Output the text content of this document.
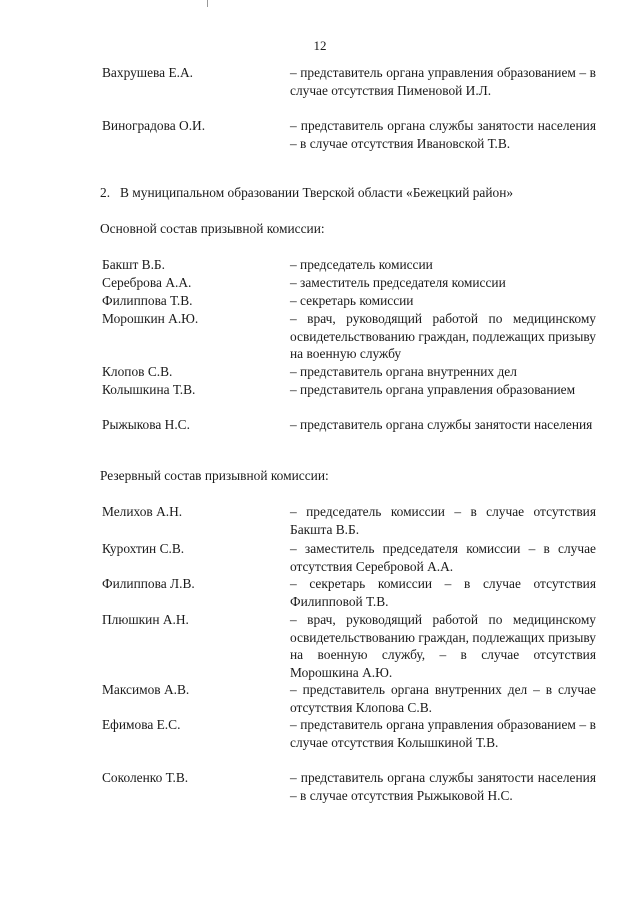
12
Вахрушева Е.А.	– представитель органа управления образованием – в случае отсутствия Пименовой И.Л.
Виноградова О.И.	– представитель органа службы занятости населения – в случае отсутствия Ивановской Т.В.
2. В муниципальном образовании Тверской области «Бежецкий район»
Основной состав призывной комиссии:
Бакшт В.Б.	– председатель комиссии
Сереброва А.А.	– заместитель председателя комиссии
Филиппова Т.В.	– секретарь комиссии
Морошкин А.Ю.	– врач, руководящий работой по медицинскому освидетельствованию граждан, подлежащих призыву на военную службу
Клопов С.В.	– представитель органа внутренних дел
Колышкина Т.В.	– представитель органа управления образованием
Рыжыкова Н.С.	– представитель органа службы занятости населения
Резервный состав призывной комиссии:
Мелихов А.Н.	– председатель комиссии – в случае отсутствия Бакшта В.Б.
Курохтин С.В.	– заместитель председателя комиссии – в случае отсутствия Серебровой А.А.
Филиппова Л.В.	– секретарь комиссии – в случае отсутствия Филипповой Т.В.
Плюшкин А.Н.	– врач, руководящий работой по медицинскому освидетельствованию граждан, подлежащих призыву на военную службу, – в случае отсутствия Морошкина А.Ю.
Максимов А.В.	– представитель органа внутренних дел – в случае отсутствия Клопова С.В.
Ефимова Е.С.	– представитель органа управления образованием – в случае отсутствия Колышкиной Т.В.
Соколенко Т.В.	– представитель органа службы занятости населения – в случае отсутствия Рыжыковой Н.С.
